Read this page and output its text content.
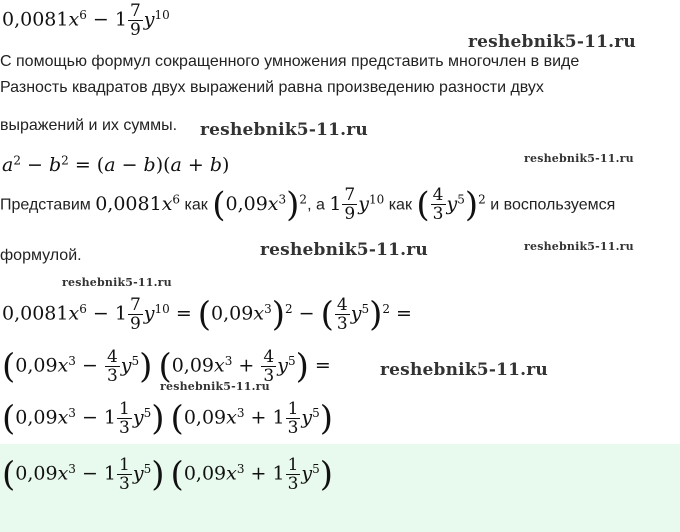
$0,0081x^6 - 1 \frac{7}{9} y^{10}$
reshebnik5-11.ru
С помощью формул сокращенного умножения представить многочлен в виде
Разность квадратов двух выражений равна произведению разности двух
выражений и их суммы. reshebnik5-11.ru
$a^2 - b^2 = (a - b)(a + b)$	reshebnik5-11.ru
Представим $0,0081x^6$ как $(0,09x^3)^2$, а $1 \frac{7}{9} y^{10}$ как ( $\frac{4}{3} y^5)^2$ и воспользуемся
формулой.	reshebnik5-11.ru	reshebnik5-11.ru
reshebnik5-11.ru
$0,0081x^6 - 1 \frac{7}{9} y^{10} = (0,09x^3)^2$ − ( $\frac{4}{3} y^5)^2$ =
$(0,09x^3 - \frac{4}{3} y^5) (0,09x^3 + \frac{4}{3} y^5)$ =	reshebnik5-11.ru
reshebnik5-11.ru
$(0,09x^3 - 1 \frac{1}{3} y^5) (0,09x^3 + 1 \frac{1}{3} y^5)$
$(0,09x^3 - 1 \frac{1}{3} y^5) (0,09x^3 + 1 \frac{1}{3} y^5)$
